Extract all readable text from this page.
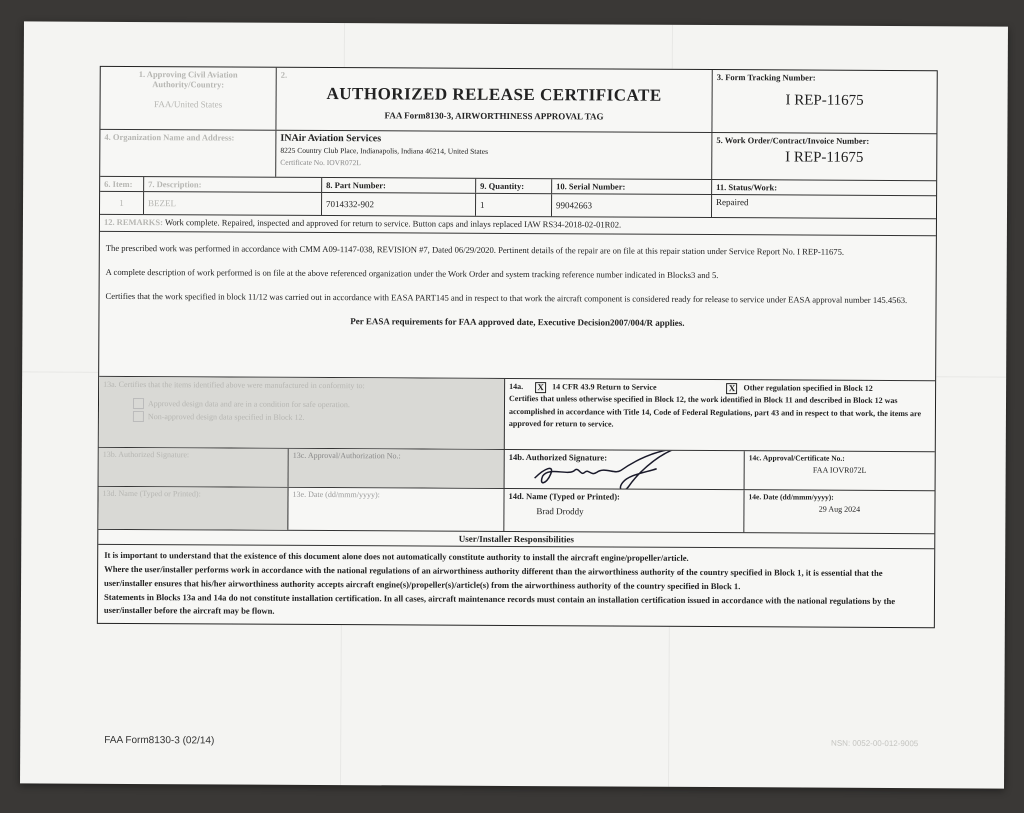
1. Approving Civil Aviation Authority/Country:
FAA/United States
2.
AUTHORIZED RELEASE CERTIFICATE
FAA Form8130-3, AIRWORTHINESS APPROVAL TAG
3. Form Tracking Number:
I REP-11675
4. Organization Name and Address:	INAir Aviation Services
8225 Country Club Place, Indianapolis, Indiana 46214, United States
Certificate No. IOVR072L
5. Work Order/Contract/Invoice Number:
I REP-11675
6. Item:	7. Description:	8. Part Number:	9. Quantity:	10. Serial Number:	11. Status/Work:
1	BEZEL	7014332-902	1	99042663	Repaired
12. REMARKS: Work complete. Repaired, inspected and approved for return to service. Button caps and inlays replaced IAW RS34-2018-02-01R02.

The prescribed work was performed in accordance with CMM A09-1147-038, REVISION #7, Dated 06/29/2020. Pertinent details of the repair are on file at this repair station under Service Report No. I REP-11675.

A complete description of work performed is on file at the above referenced organization under the Work Order and system tracking reference number indicated in Blocks3 and 5.

Certifies that the work specified in block 11/12 was carried out in accordance with EASA PART145 and in respect to that work the aircraft component is considered ready for release to service under EASA approval number 145.4563.

Per EASA requirements for FAA approved date, Executive Decision2007/004/R applies.
13a. Certifies that the items identified above were manufactured in conformity to:
Approved design data and are in a condition for safe operation.
Non-approved design data specified in Block 12.
14a. X 14 CFR 43.9 Return to Service	X Other regulation specified in Block 12
Certifies that unless otherwise specified in Block 12, the work identified in Block 11 and described in Block 12 was accomplished in accordance with Title 14, Code of Federal Regulations, part 43 and in respect to that work, the items are approved for return to service.
13b. Authorized Signature:	13c. Approval/Authorization No.:	14b. Authorized Signature:	14c. Approval/Certificate No.:
FAA IOVR072L
13d. Name (Typed or Printed):	13e. Date (dd/mmm/yyyy):	14d. Name (Typed or Printed):
Brad Droddy
14e. Date (dd/mmm/yyyy):
29 Aug 2024
User/Installer Responsibilities

It is important to understand that the existence of this document alone does not automatically constitute authority to install the aircraft engine/propeller/article.

Where the user/installer performs work in accordance with the national regulations of an airworthiness authority different than the airworthiness authority of the country specified in Block 1, it is essential that the user/installer ensures that his/her airworthiness authority accepts aircraft engine(s)/propeller(s)/article(s) from the airworthiness authority of the country specified in Block 1.

Statements in Blocks 13a and 14a do not constitute installation certification. In all cases, aircraft maintenance records must contain an installation certification issued in accordance with the national regulations by the user/installer before the aircraft may be flown.

FAA Form8130-3 (02/14)	NSN: 0052-00-012-9005
